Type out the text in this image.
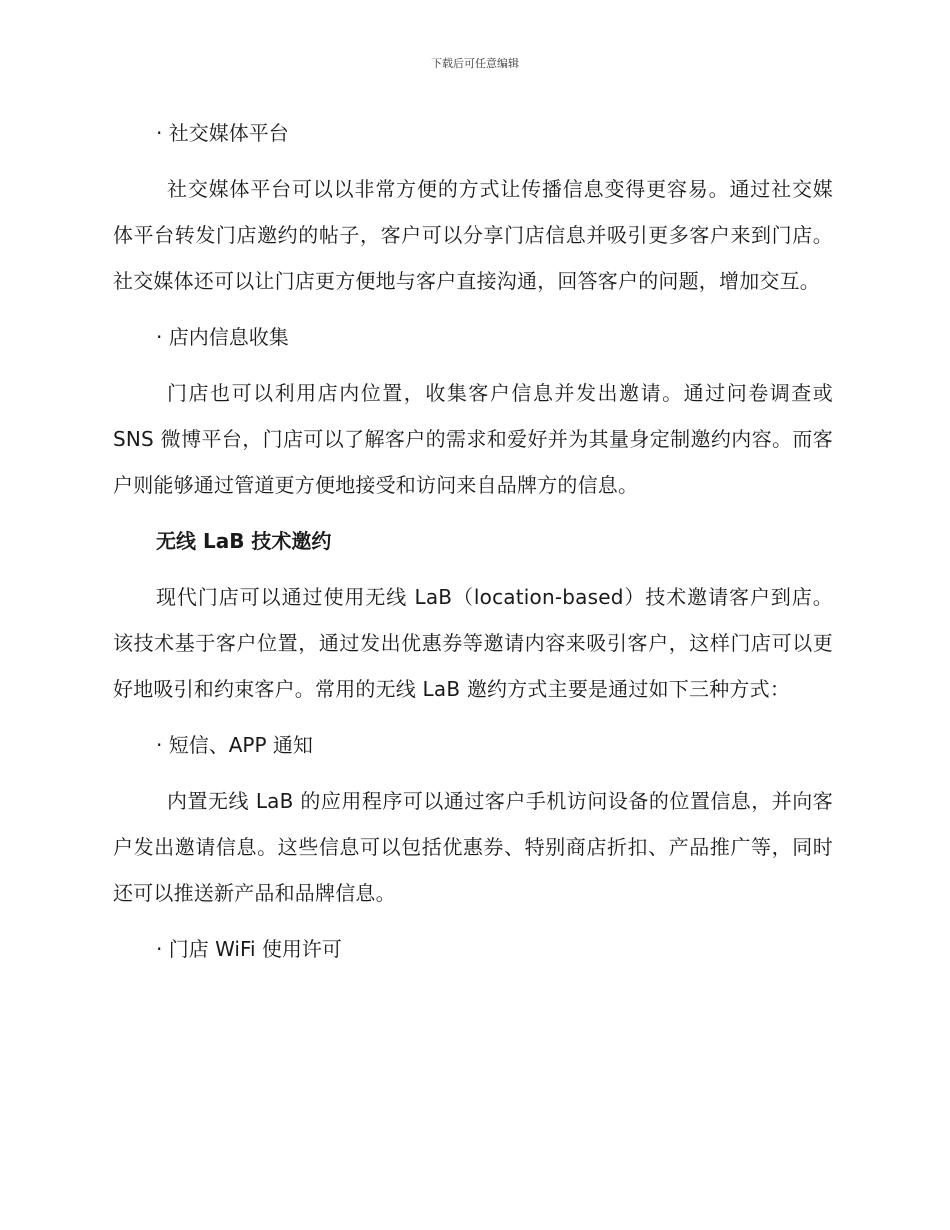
下载后可任意编辑
· 社交媒体平台
社交媒体平台可以以非常方便的方式让传播信息变得更容易。通过社交媒体平台转发门店邀约的帖子，客户可以分享门店信息并吸引更多客户来到门店。社交媒体还可以让门店更方便地与客户直接沟通，回答客户的问题，增加交互。
· 店内信息收集
门店也可以利用店内位置，收集客户信息并发出邀请。通过问卷调查或 SNS 微博平台，门店可以了解客户的需求和爱好并为其量身定制邀约内容。而客户则能够通过管道更方便地接受和访问来自品牌方的信息。
无线 LaB 技术邀约
现代门店可以通过使用无线 LaB（location-based）技术邀请客户到店。该技术基于客户位置，通过发出优惠券等邀请内容来吸引客户，这样门店可以更好地吸引和约束客户。常用的无线 LaB 邀约方式主要是通过如下三种方式：
· 短信、APP 通知
内置无线 LaB 的应用程序可以通过客户手机访问设备的位置信息，并向客户发出邀请信息。这些信息可以包括优惠券、特别商店折扣、产品推广等，同时还可以推送新产品和品牌信息。
· 门店 WiFi 使用许可
